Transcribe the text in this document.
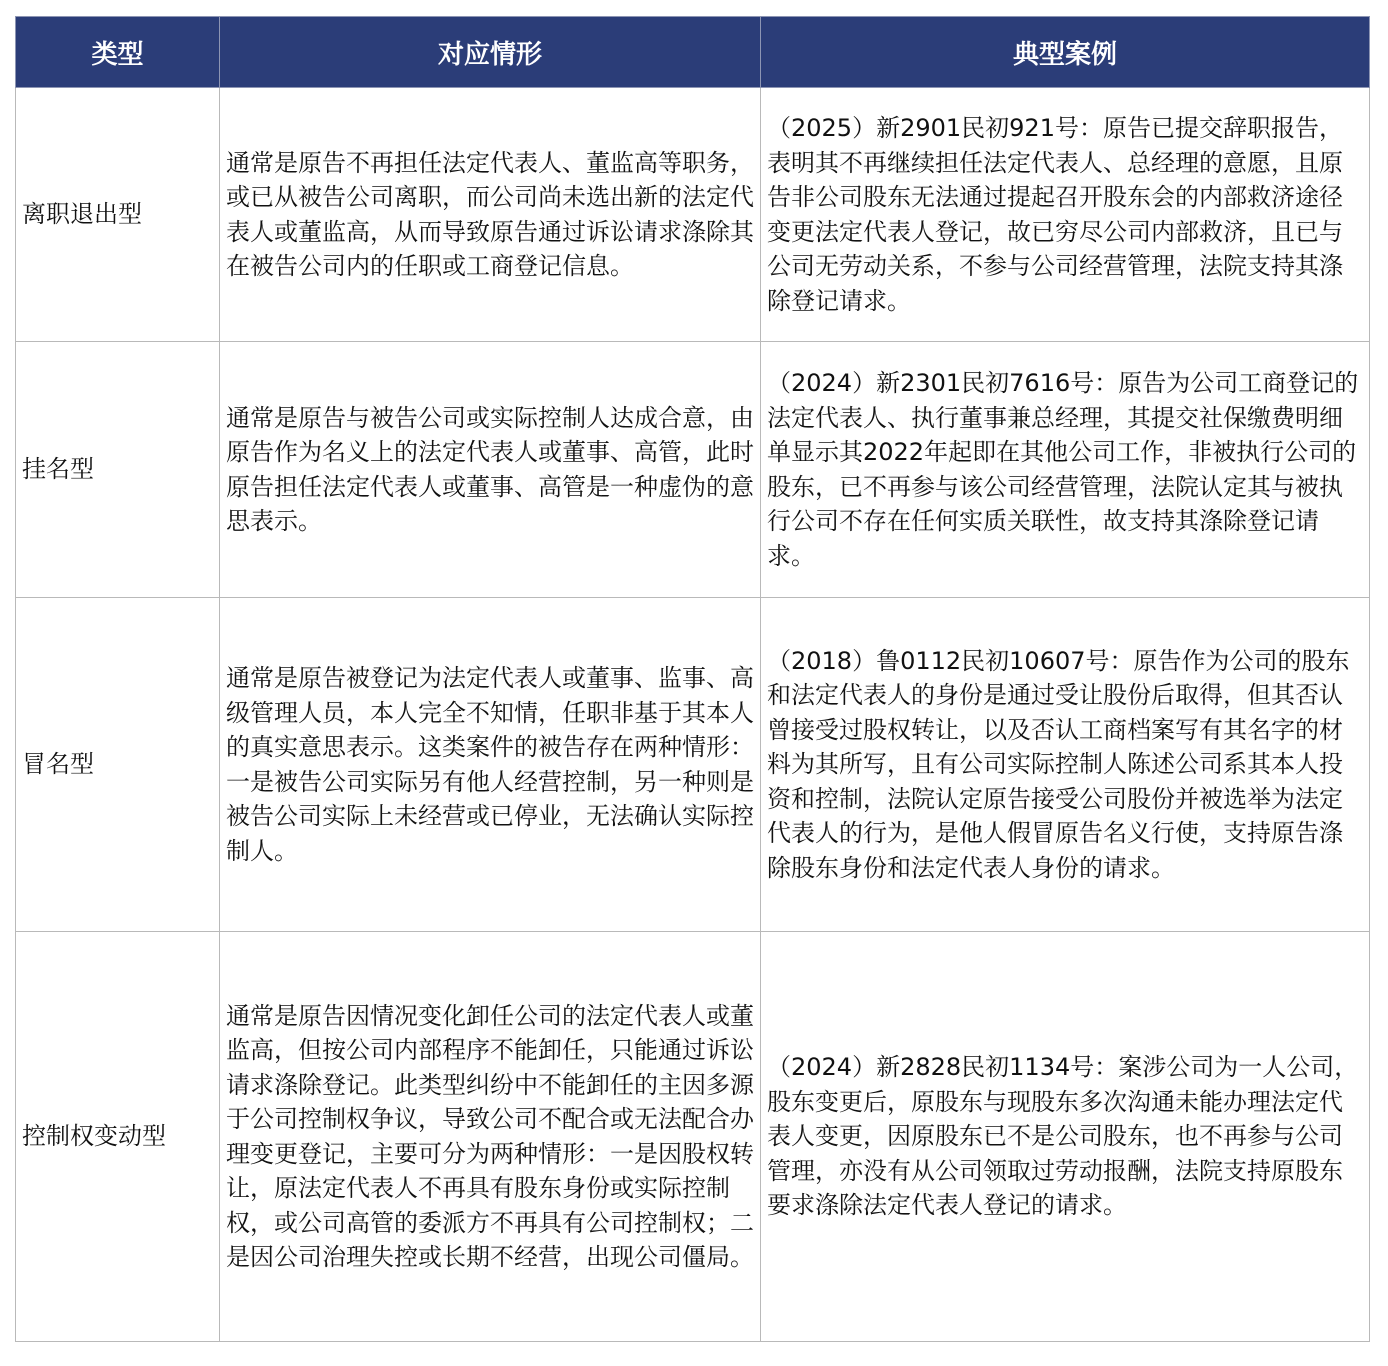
类型	对应情形	典型案例
离职退出型	通常是原告不再担任法定代表人、董监高等职务，或已从被告公司离职，而公司尚未选出新的法定代表人或董监高，从而导致原告通过诉讼请求涤除其在被告公司内的任职或工商登记信息。	（2025）新2901民初921号：原告已提交辞职报告，表明其不再继续担任法定代表人、总经理的意愿，且原告非公司股东无法通过提起召开股东会的内部救济途径变更法定代表人登记，故已穷尽公司内部救济，且已与公司无劳动关系，不参与公司经营管理，法院支持其涤除登记请求。
挂名型	通常是原告与被告公司或实际控制人达成合意，由原告作为名义上的法定代表人或董事、高管，此时原告担任法定代表人或董事、高管是一种虚伪的意思表示。	（2024）新2301民初7616号：原告为公司工商登记的法定代表人、执行董事兼总经理，其提交社保缴费明细单显示其2022年起即在其他公司工作，非被执行公司的股东，已不再参与该公司经营管理，法院认定其与被执行公司不存在任何实质关联性，故支持其涤除登记请求。
冒名型	通常是原告被登记为法定代表人或董事、监事、高级管理人员，本人完全不知情，任职非基于其本人的真实意思表示。这类案件的被告存在两种情形：一是被告公司实际另有他人经营控制，另一种则是被告公司实际上未经营或已停业，无法确认实际控制人。	（2018）鲁0112民初10607号：原告作为公司的股东和法定代表人的身份是通过受让股份后取得，但其否认曾接受过股权转让，以及否认工商档案写有其名字的材料为其所写，且有公司实际控制人陈述公司系其本人投资和控制，法院认定原告接受公司股份并被选举为法定代表人的行为，是他人假冒原告名义行使，支持原告涤除股东身份和法定代表人身份的请求。
控制权变动型	通常是原告因情况变化卸任公司的法定代表人或董监高，但按公司内部程序不能卸任，只能通过诉讼请求涤除登记。此类型纠纷中不能卸任的主因多源于公司控制权争议，导致公司不配合或无法配合办理变更登记，主要可分为两种情形：一是因股权转让，原法定代表人不再具有股东身份或实际控制权，或公司高管的委派方不再具有公司控制权；二是因公司治理失控或长期不经营，出现公司僵局。	（2024）新2828民初1134号：案涉公司为一人公司，股东变更后，原股东与现股东多次沟通未能办理法定代表人变更，因原股东已不是公司股东，也不再参与公司管理，亦没有从公司领取过劳动报酬，法院支持原股东要求涤除法定代表人登记的请求。
